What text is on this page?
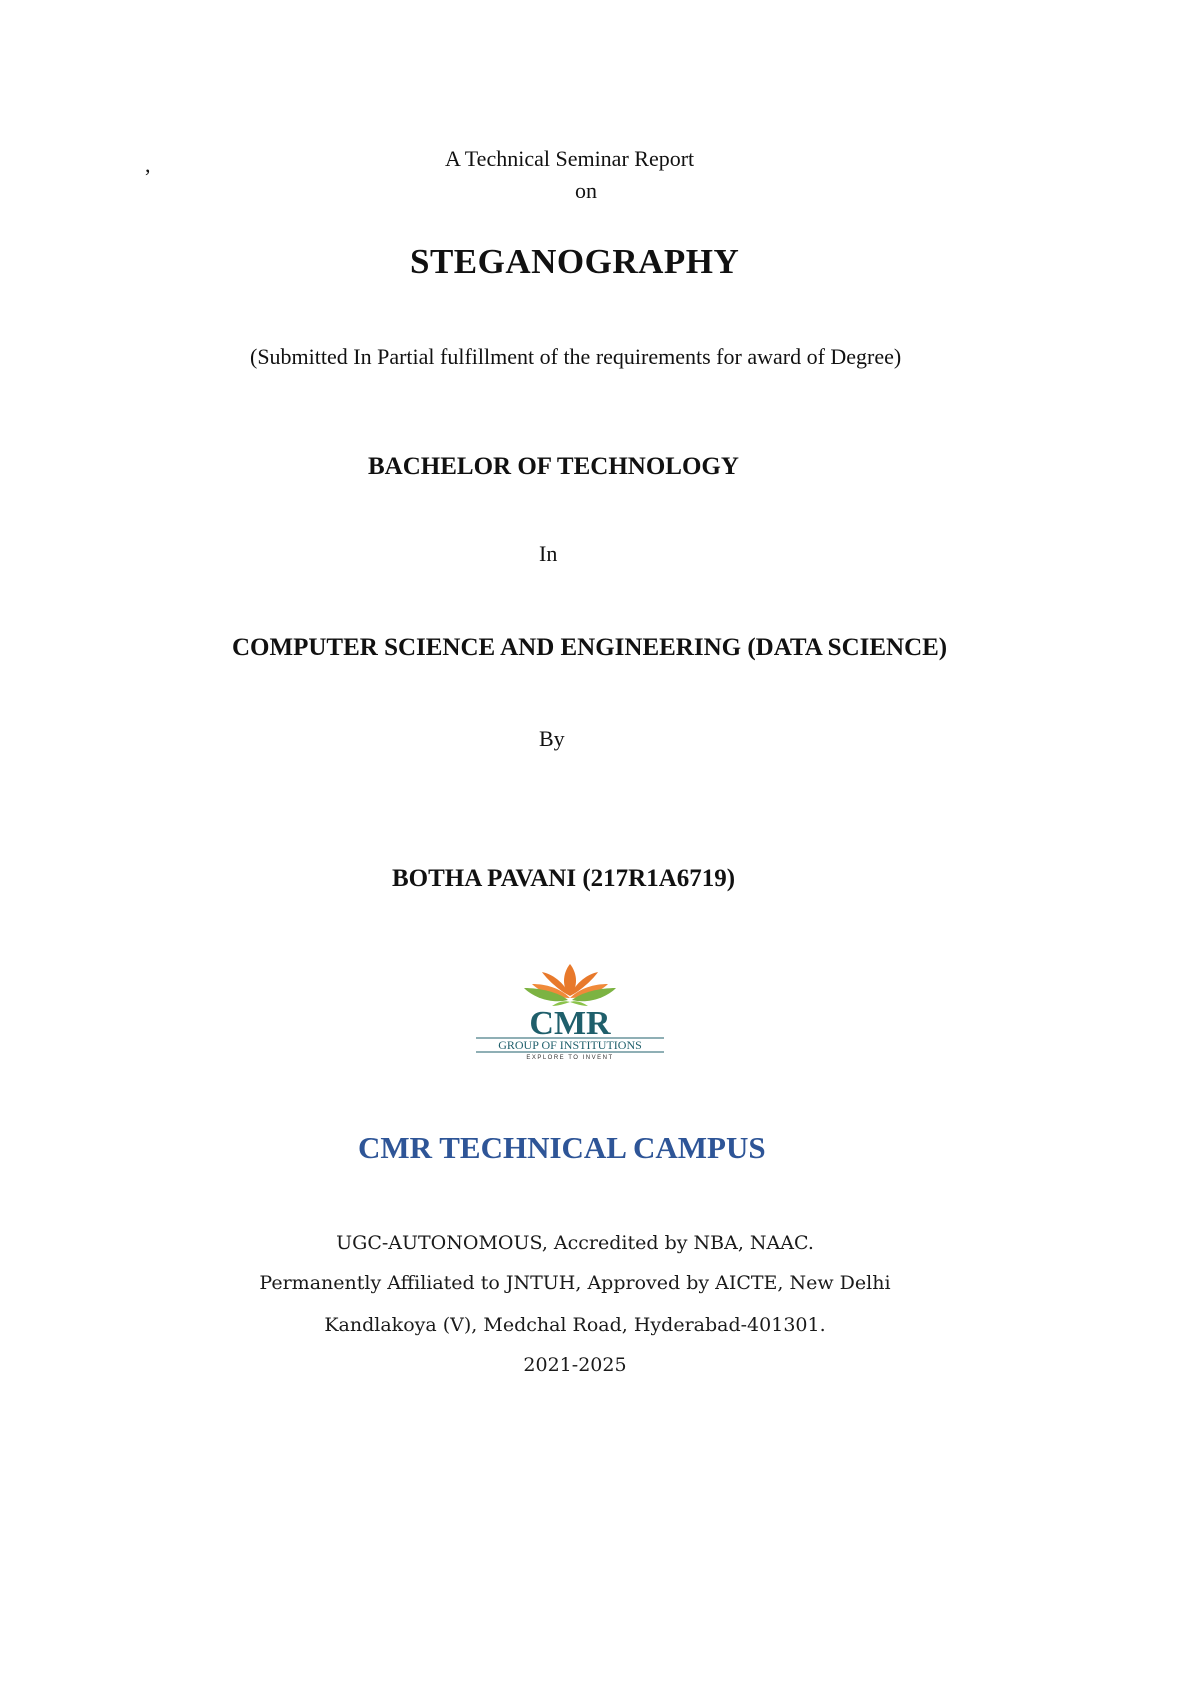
,	A Technical Seminar Report
on
STEGANOGRAPHY
(Submitted In Partial fulfillment of the requirements for award of Degree)
BACHELOR OF TECHNOLOGY
In
COMPUTER SCIENCE AND ENGINEERING (DATA SCIENCE)
By
BOTHA PAVANI (217R1A6719)
CMR
GROUP OF INSTITUTIONS
EXPLORE TO INVENT
CMR TECHNICAL CAMPUS
UGC-AUTONOMOUS, Accredited by NBA, NAAC.
Permanently Affiliated to JNTUH, Approved by AICTE, New Delhi
Kandlakoya (V), Medchal Road, Hyderabad-401301.
2021-2025
